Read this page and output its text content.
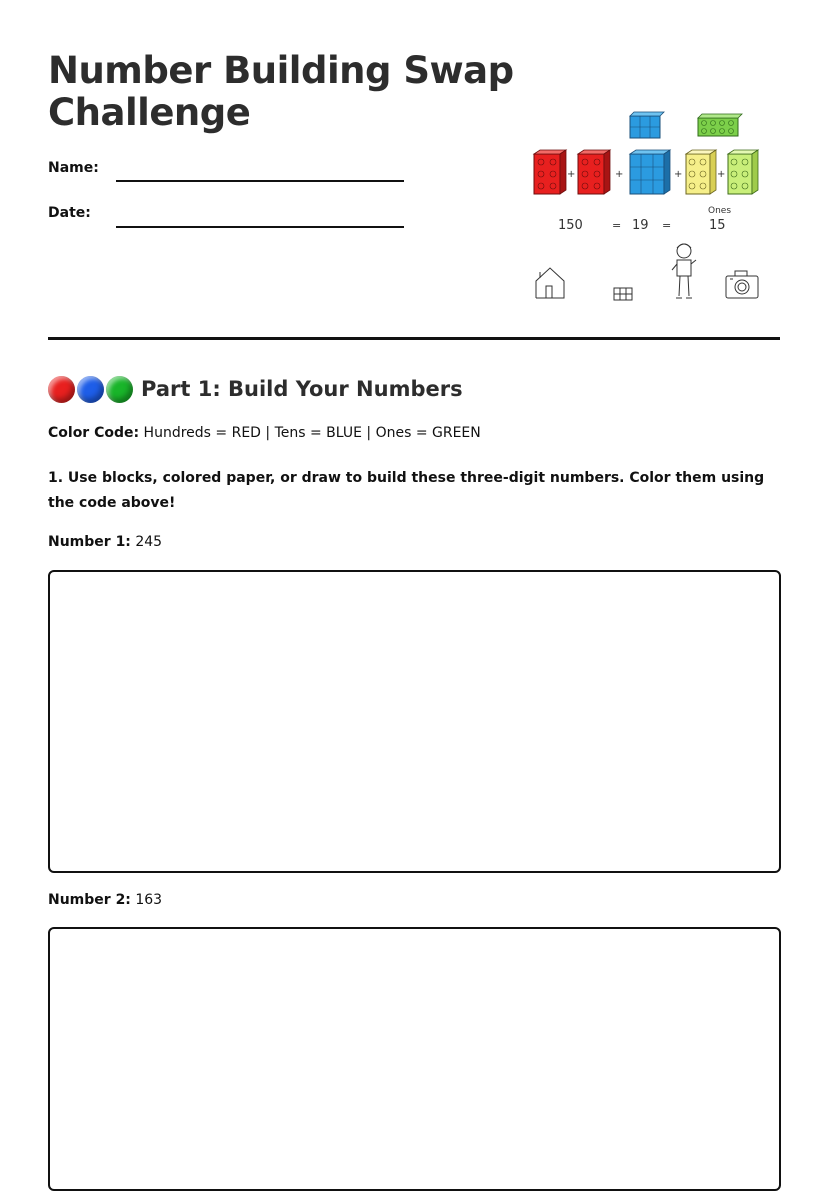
Number Building Swap
Challenge
Name:
Date:
+	+	+	+
Ones
150	= 19 =	15
Part 1: Build Your Numbers
Color Code: Hundreds = RED | Tens = BLUE | Ones = GREEN
1. Use blocks, colored paper, or draw to build these three-digit numbers. Color them using the code above!
Number 1: 245
Number 2: 163
